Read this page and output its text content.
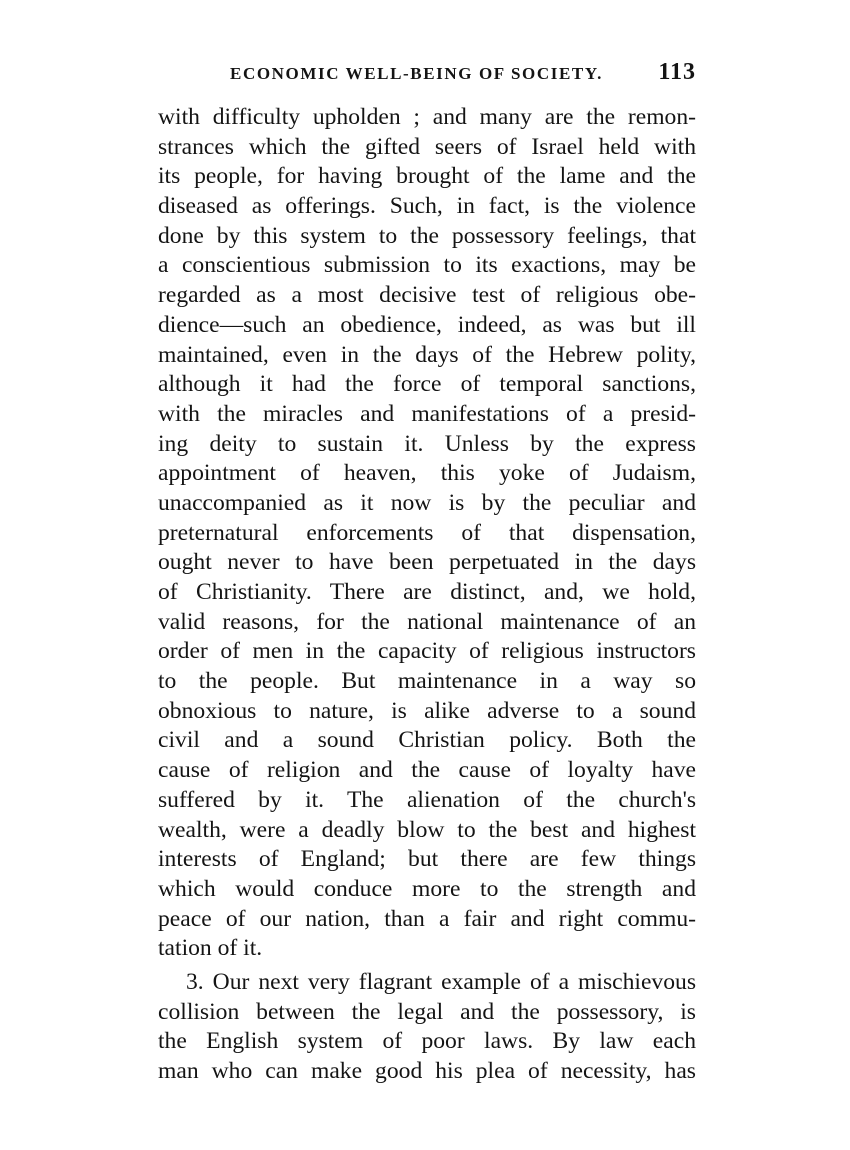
ECONOMIC WELL-BEING OF SOCIETY. 113
with difficulty upholden ; and many are the remon-
strances which the gifted seers of Israel held with
its people, for having brought of the lame and the
diseased as offerings. Such, in fact, is the violence
done by this system to the possessory feelings, that
a conscientious submission to its exactions, may be
regarded as a most decisive test of religious obe-
dience—such an obedience, indeed, as was but ill
maintained, even in the days of the Hebrew polity,
although it had the force of temporal sanctions,
with the miracles and manifestations of a presid-
ing deity to sustain it. Unless by the express
appointment of heaven, this yoke of Judaism,
unaccompanied as it now is by the peculiar and
preternatural enforcements of that dispensation,
ought never to have been perpetuated in the days
of Christianity. There are distinct, and, we hold,
valid reasons, for the national maintenance of an
order of men in the capacity of religious instructors
to the people. But maintenance in a way so
obnoxious to nature, is alike adverse to a sound
civil and a sound Christian policy. Both the
cause of religion and the cause of loyalty have
suffered by it. The alienation of the church's
wealth, were a deadly blow to the best and highest
interests of England; but there are few things
which would conduce more to the strength and
peace of our nation, than a fair and right commu-
tation of it.
3. Our next very flagrant example of a mischievous
collision between the legal and the possessory, is
the English system of poor laws. By law each
man who can make good his plea of necessity, has
